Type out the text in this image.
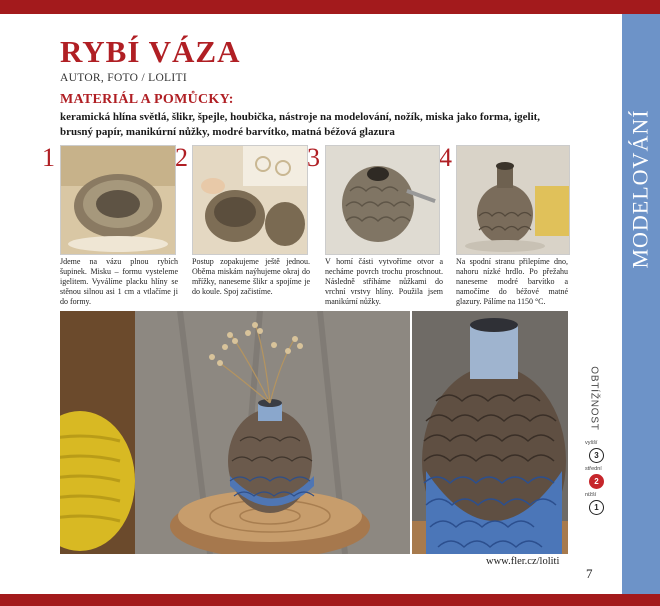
MODELOVÁNÍ
RYBÍ VÁZA
AUTOR, FOTO / LOLITI
MATERIÁL A POMŮCKY:
keramická hlína světlá, šlikr, špejle, houbička, nástroje na modelování, nožík, miska jako forma, igelit, brusný papír, manikúrní nůžky, modré barvítko, matná béžová glazura
1	2	3	4
Jdeme na vázu plnou rybích šupinek. Misku – formu vysteleme igelitem. Vyválíme placku hlíny se stěnou silnou asi 1 cm a vtlačíme ji do formy.
Postup zopakujeme ještě jednou. Oběma miskám naýhujeme okraj do mřížky, naneseme šlikr a spojíme je do koule. Spoj začistíme.
V horní části vytvoříme otvor a necháme povrch trochu proschnout. Následně stříháme nůžkami do vrchní vrstvy hlíny. Použila jsem manikúrní nůžky.
Na spodní stranu přilepíme dno, nahoru nízké hrdlo. Po přežahu naneseme modré barvítko a namočíme do béžové matné glazury. Pálíme na 1150 °C.
OBTÍŽNOST
vyšší
3
střední
2
nižší
1
www.fler.cz/loliti
7
